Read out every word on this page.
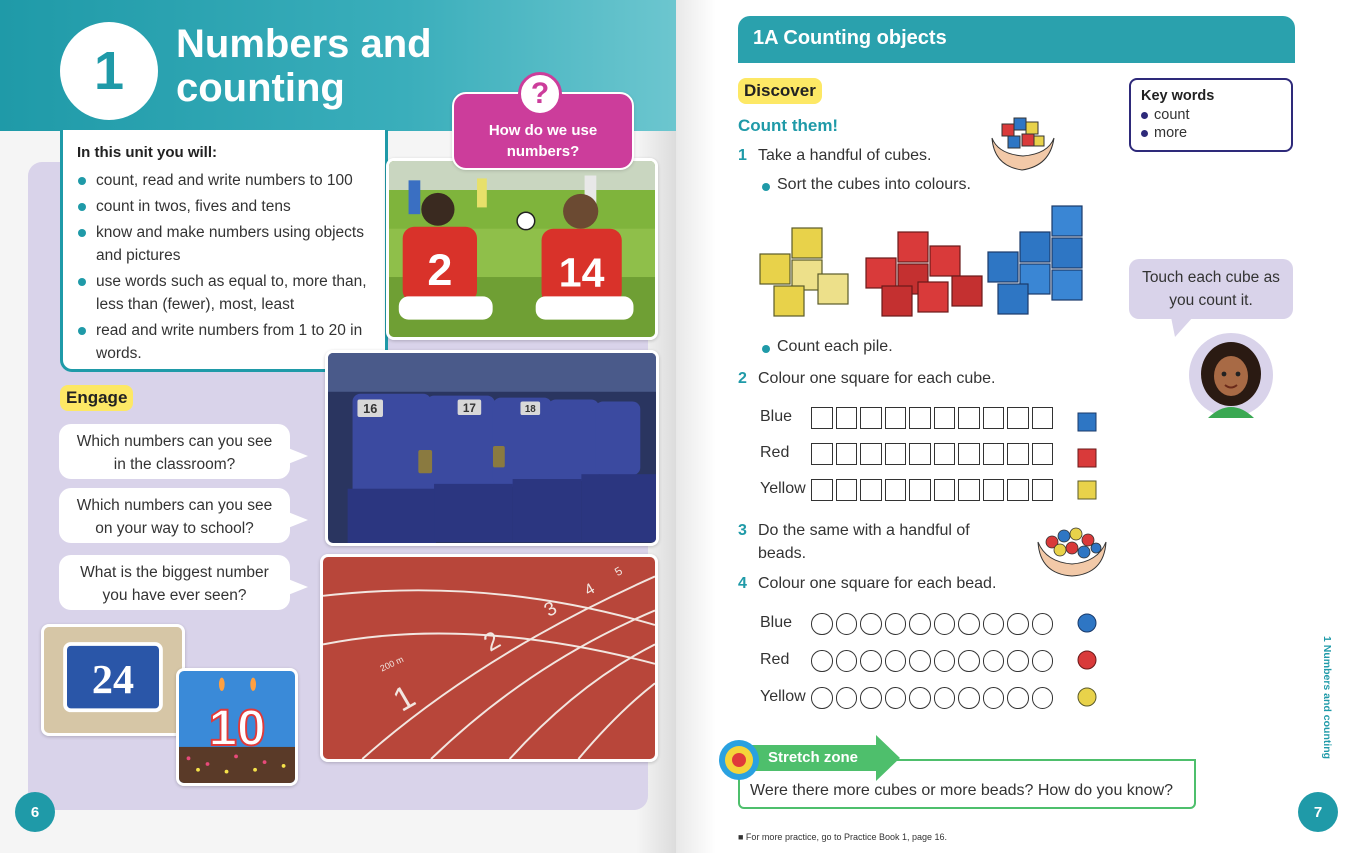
1	Numbers and counting
In this unit you will:
count, read and write numbers to 100
count in twos, fives and tens
know and make numbers using objects and pictures
use words such as equal to, more than, less than (fewer), most, least
read and write numbers from 1 to 20 in words.
2	14
16	17	18
1
2
3
4
5
200 m
24
10
How do we use numbers?
?
Engage
Which numbers can you see in the classroom?
Which numbers can you see on your way to school?
What is the biggest number you have ever seen?
6
1A Counting objects
Discover
Count them!
1 Take a handful of cubes.
Sort the cubes into colours.
Count each pile.
2 Colour one square for each cube.
Blue
Red
Yellow
3 Do the same with a handful of beads.
4 Colour one square for each bead.
Blue
Red
Yellow
Key words
count
more
Touch each cube as you count it.
Were there more cubes or more beads? How do you know?
Stretch zone
■ For more practice, go to Practice Book 1, page 16.
1 Numbers and counting
7
